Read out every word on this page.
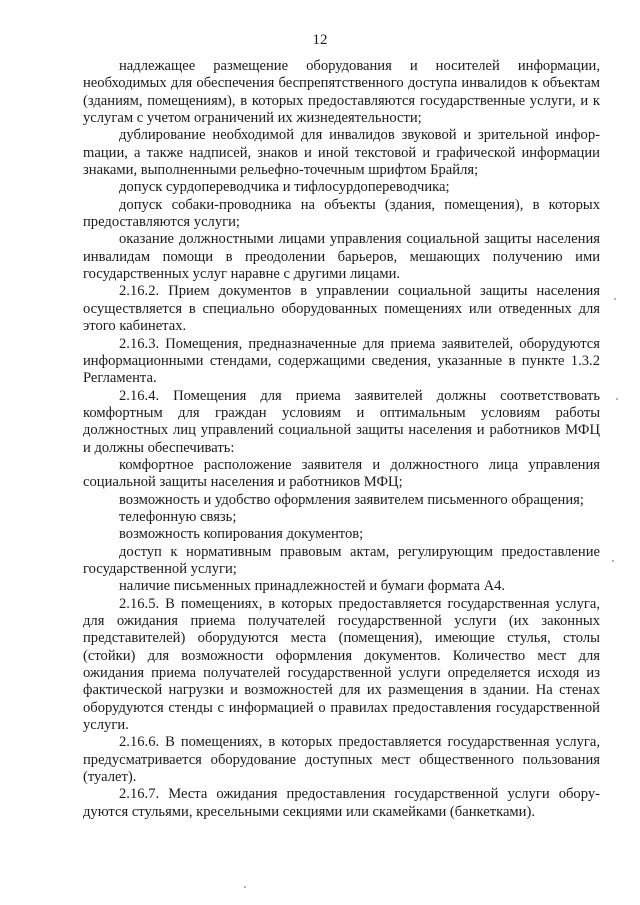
12

надлежащее размещение оборудования и носителей информации, необходимых для обеспечения беспрепятственного доступа инвалидов к объектам (зданиям, помещениям), в которых предоставляются государственные услуги, и к услугам с учетом ограничений их жизнедеятельности;

дублирование необходимой для инвалидов звуковой и зрительной инфорmации, а также надписей, знаков и иной текстовой и графической информации знаками, выполненными рельефно-точечным шрифтом Брайля;

допуск сурдопереводчика и тифлосурдопереводчика;

допуск собаки-проводника на объекты (здания, помещения), в которых предоставляются услуги;

оказание должностными лицами управления социальной защиты населения инвалидам помощи в преодолении барьеров, мешающих получению ими государственных услуг наравне с другими лицами.

2.16.2. Прием документов в управлении социальной защиты населения осуществляется в специально оборудованных помещениях или отведенных для этого кабинетах.

2.16.3. Помещения, предназначенные для приема заявителей, оборудуются информационными стендами, содержащими сведения, указанные в пункте 1.3.2 Регламента.

2.16.4. Помещения для приема заявителей должны соответствовать комфортным для граждан условиям и оптимальным условиям работы должностных лиц управлений социальной защиты населения и работников МФЦ и должны обеспечивать:

комфортное расположение заявителя и должностного лица управления социальной защиты населения и работников МФЦ;

возможность и удобство оформления заявителем письменного обращения;

телефонную связь;

возможность копирования документов;

доступ к нормативным правовым актам, регулирующим предоставление государственной услуги;

наличие письменных принадлежностей и бумаги формата А4.

2.16.5. В помещениях, в которых предоставляется государственная услуга, для ожидания приема получателей государственной услуги (их законных представителей) оборудуются места (помещения), имеющие стулья, столы (стойки) для возможности оформления документов. Количество мест для ожидания приема получателей государственной услуги определяется исходя из фактической нагрузки и возможностей для их размещения в здании. На стенах оборудуются стенды с информацией о правилах предоставления государственной услуги.

2.16.6. В помещениях, в которых предоставляется государственная услуга, предусматривается оборудование доступных мест общественного пользования (туалет).

2.16.7. Места ожидания предоставления государственной услуги оборудуются стульями, кресельными секциями или скамейками (банкетками).
